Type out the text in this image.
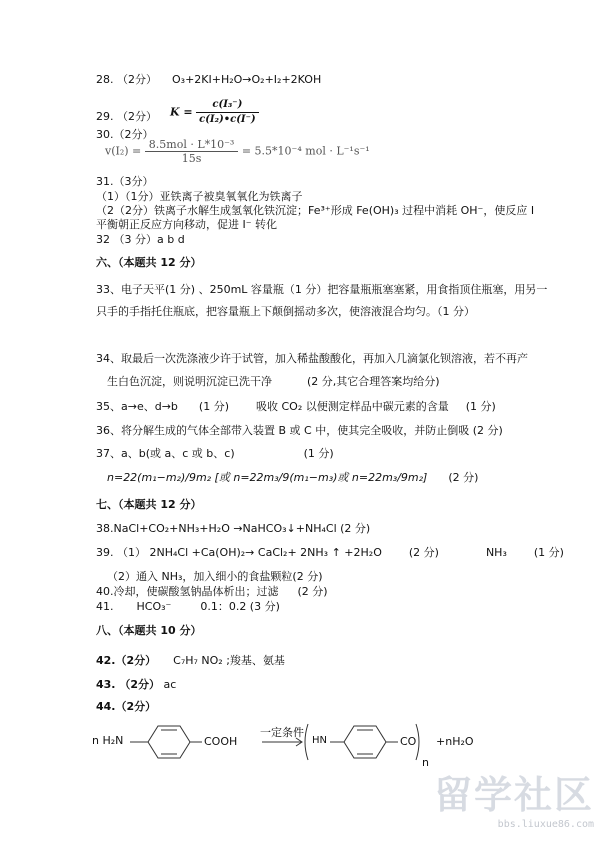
28. （2分） O₃+2KI+H₂O→O₂+I₂+2KOH
29. （2分） $K = \frac{\text{c(I₃⁻)}}{\text{c(I₂)•c(I⁻)}}$
30.（2分）
v(I₂) = 8.5mol · L*10⁻³
15s
= 5.5*10⁻⁴ mol · L⁻¹s⁻¹
31.（3分）
（1）（1分）亚铁离子被臭氧氧化为铁离子
（2（2分）铁离子水解生成氢氧化铁沉淀；Fe³⁺形成 Fe(OH)₃ 过程中消耗 OH⁻，使反应 I
平衡朝正反应方向移动，促进 I⁻ 转化
32 （3 分）a b d
六、（本题共 12 分）
33、电子天平(1 分) 、250mL 容量瓶（1 分）把容量瓶瓶塞塞紧，用食指顶住瓶塞，用另一
只手的手指托住瓶底，把容量瓶上下颠倒摇动多次，使溶液混合均匀。（1 分）
34、取最后一次洗涤液少许于试管，加入稀盐酸酸化，再加入几滴氯化钡溶液，若不再产
生白色沉淀，则说明沉淀已洗干净	(2 分,其它合理答案均给分)
35、a→e、d→b (1 分) 吸收 CO₂ 以便测定样品中碳元素的含量 (1 分)
36、将分解生成的气体全部带入装置 B 或 C 中，使其完全吸收，并防止倒吸 (2 分)
37、a、b(或 a、c 或 b、c)	(1 分)
n=22(m₁−m₂)/9m₂ [或 n=22m₃/9(m₁−m₃)或 n=22m₃/9m₂] (2 分)
七、（本题共 12 分）
38.NaCl+CO₂+NH₃+H₂O →NaHCO₃↓+NH₄Cl (2 分)
39. （1） 2NH₄Cl +Ca(OH)₂→ CaCl₂+ 2NH₃ ↑ +2H₂O (2 分)	NH₃ (1 分)
（2）通入 NH₃，加入细小的食盐颗粒(2 分)
40.冷却，使碳酸氢钠晶体析出；过滤 (2 分)
41. HCO₃⁻	0.1：0.2 (3 分)
八、（本题共 10 分）
42.（2分） C₇H₇ NO₂ ;羧基、氨基
43. （2分） ac
44.（2分）
n H₂N	COOH
一定条件
HN	CO
n
+nH₂O
留学社区
bbs.liuxue86.com
